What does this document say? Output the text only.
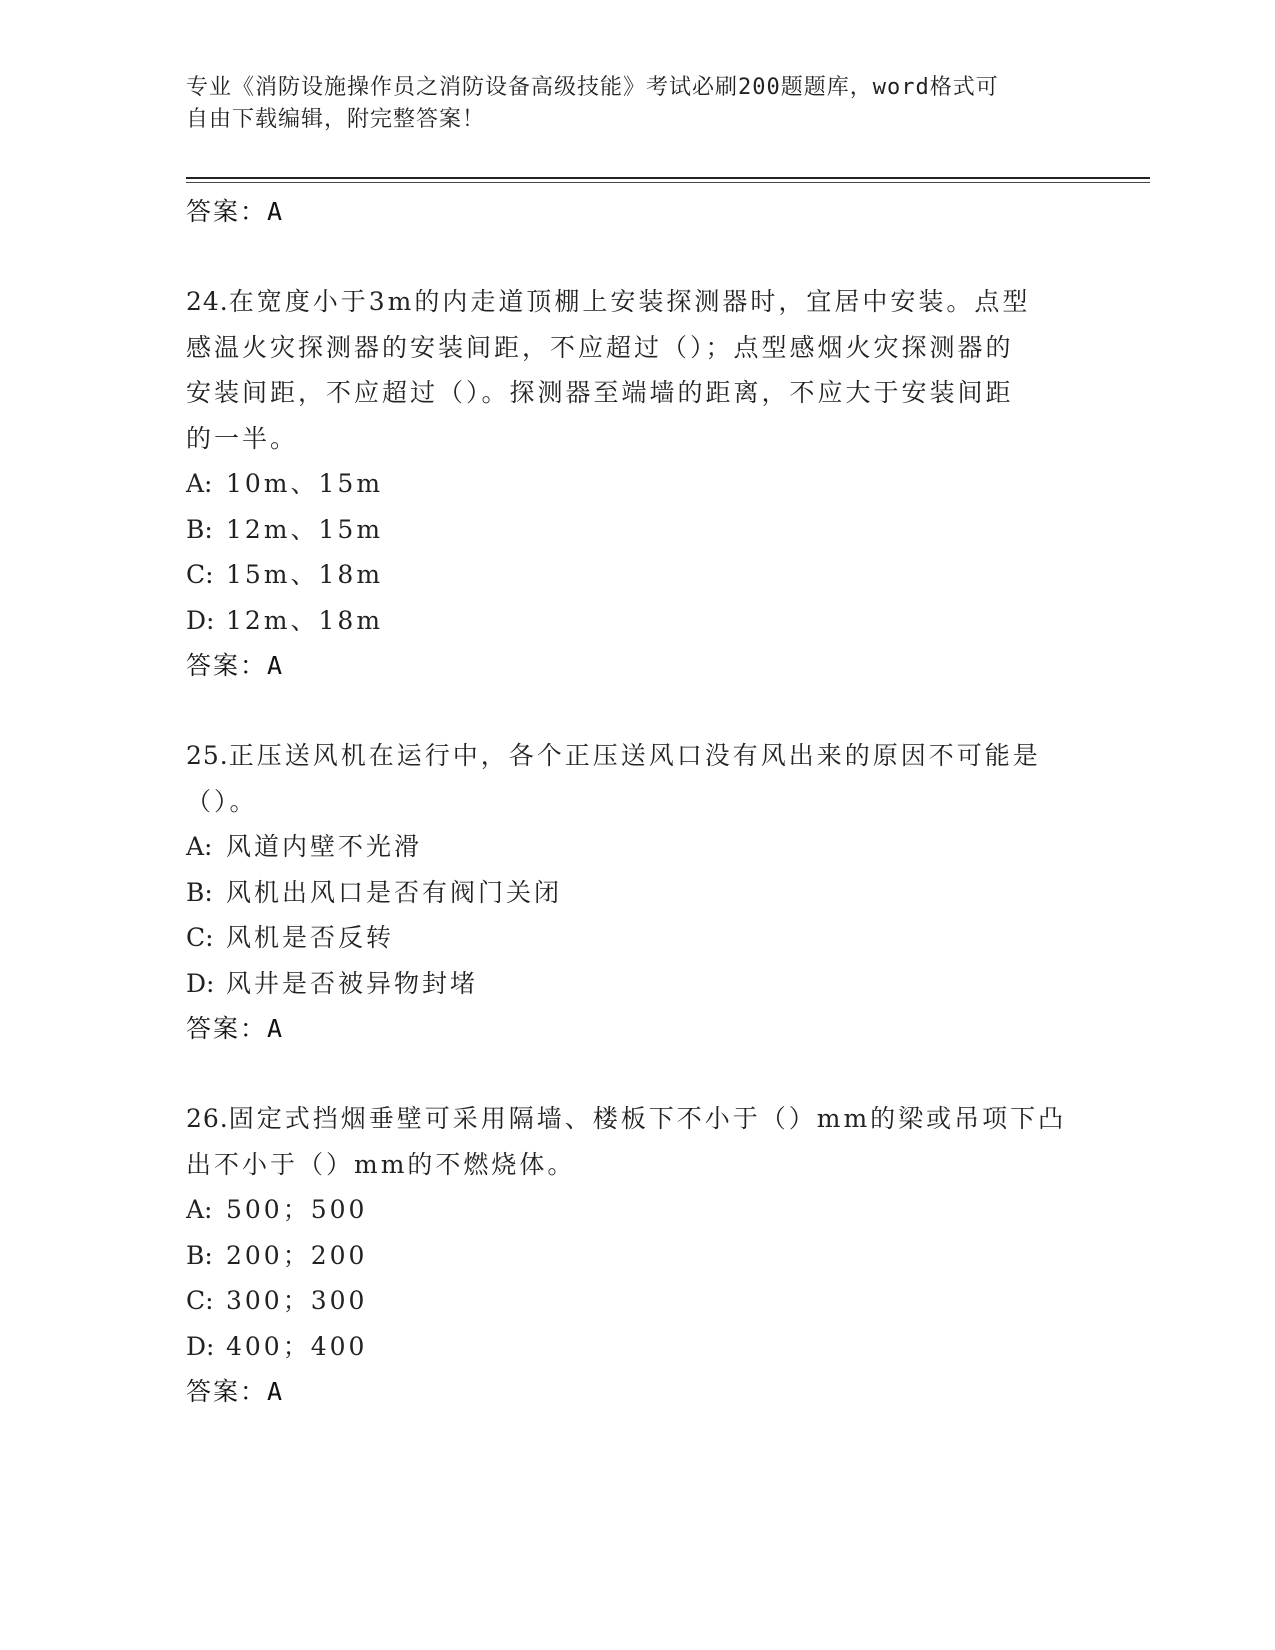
专业《消防设施操作员之消防设备高级技能》考试必刷200题题库，word格式可
自由下载编辑，附完整答案！
答案：A
24.在宽度小于3m的内走道顶棚上安装探测器时，宜居中安装。点型
感温火灾探测器的安装间距，不应超过（）；点型感烟火灾探测器的
安装间距，不应超过（）。探测器至端墙的距离，不应大于安装间距
的一半。
A: 10m、15m
B: 12m、15m
C: 15m、18m
D: 12m、18m
答案：A
25.正压送风机在运行中，各个正压送风口没有风出来的原因不可能是
（）。
A: 风道内壁不光滑
B: 风机出风口是否有阀门关闭
C: 风机是否反转
D: 风井是否被异物封堵
答案：A
26.固定式挡烟垂壁可采用隔墙、楼板下不小于（）mm的梁或吊项下凸
出不小于（）mm的不燃烧体。
A: 500；500
B: 200；200
C: 300；300
D: 400；400
答案：A
